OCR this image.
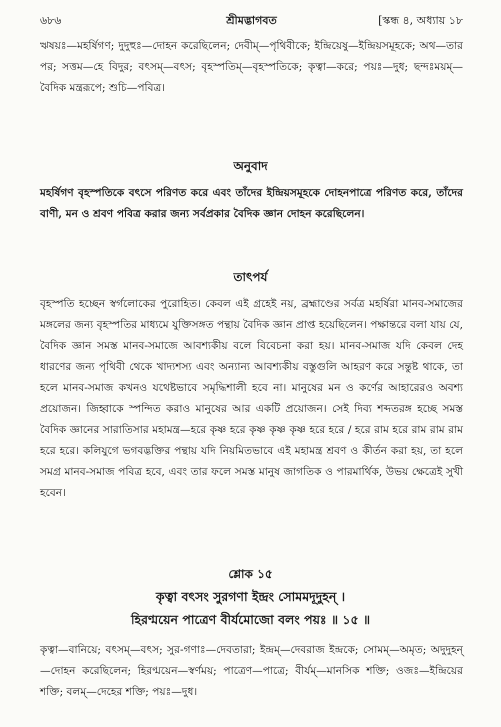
৬৮৬	শ্রীমদ্ভাগবত	[স্কন্ধ ৪, অধ্যায় ১৮
ঋষয়ঃ—মহর্ষিগণ; দুদুহুঃ—দোহন করেছিলেন; দেবীম্—পৃথিবীকে; ইন্দ্রিয়েষু—ইন্দ্রিয়সমূহকে; অথ—তার পর; সত্তম—হে বিদুর; বৎসম্—বৎস; বৃহস্পতিম্—বৃহস্পতিকে; কৃত্বা—করে; পয়ঃ—দুধ; ছন্দঃময়ম্—বৈদিক মন্ত্ররূপে; শুচি—পবিত্র।
অনুবাদ
মহর্ষিগণ বৃহস্পতিকে বৎসে পরিণত করে এবং তাঁদের ইন্দ্রিয়সমূহকে দোহনপাত্রে পরিণত করে, তাঁদের বাণী, মন ও শ্রবণ পবিত্র করার জন্য সর্বপ্রকার বৈদিক জ্ঞান দোহন করেছিলেন।
তাৎপর্য
বৃহস্পতি হচ্ছেন স্বর্গলোকের পুরোহিত। কেবল এই গ্রহেই নয়, ব্রহ্মাণ্ডের সর্বত্র মহর্ষিরা মানব-সমাজের মঙ্গলের জন্য বৃহস্পতির মাধ্যমে যুক্তিসঙ্গত পন্থায় বৈদিক জ্ঞান প্রাপ্ত হয়েছিলেন। পক্ষান্তরে বলা যায় যে, বৈদিক জ্ঞান সমস্ত মানব-সমাজে আবশ্যকীয় বলে বিবেচনা করা হয়। মানব-সমাজ যদি কেবল দেহ ধারণের জন্য পৃথিবী থেকে খাদ্যশস্য এবং অন্যান্য আবশ্যকীয় বস্তুগুলি আহরণ করে সন্তুষ্ট থাকে, তা হলে মানব-সমাজ কখনও যথেষ্টভাবে সমৃদ্ধিশালী হবে না। মানুষের মন ও কর্ণের আহারেরও অবশ্য প্রয়োজন। জিহ্বাকে স্পন্দিত করাও মানুষের আর একটি প্রয়োজন। সেই দিব্য শব্দতরঙ্গ হচ্ছে সমস্ত বৈদিক জ্ঞানের সারাতিসার মহামন্ত্র—হরে কৃষ্ণ হরে কৃষ্ণ কৃষ্ণ কৃষ্ণ হরে হরে / হরে রাম হরে রাম রাম রাম হরে হরে। কলিযুগে ভগবদ্ভক্তির পন্থায় যদি নিয়মিতভাবে এই মহামন্ত্র শ্রবণ ও কীর্তন করা হয়, তা হলে সমগ্র মানব-সমাজ পবিত্র হবে, এবং তার ফলে সমস্ত মানুষ জাগতিক ও পারমার্থিক, উভয় ক্ষেত্রেই সুখী হবেন।
শ্লোক ১৫
কৃত্বা বৎসং সুরগণা ইন্দ্রং সোমমদূদুহন্ ।
হিরণ্ময়েন পাত্রেণ বীর্যমোজো বলং পয়ঃ ॥ ১৫ ॥
কৃত্বা—বানিয়ে; বৎসম্—বৎস; সুর-গণাঃ—দেবতারা; ইন্দ্রম্—দেবরাজ ইন্দ্রকে; সোমম্—অমৃত; অদুদুহন্—দোহন করেছিলেন; হিরণ্ময়েন—স্বর্ণময়; পাত্রেণ—পাত্রে; বীর্যম্—মানসিক শক্তি; ওজঃ—ইন্দ্রিয়ের শক্তি; বলম্—দেহের শক্তি; পয়ঃ—দুধ।
